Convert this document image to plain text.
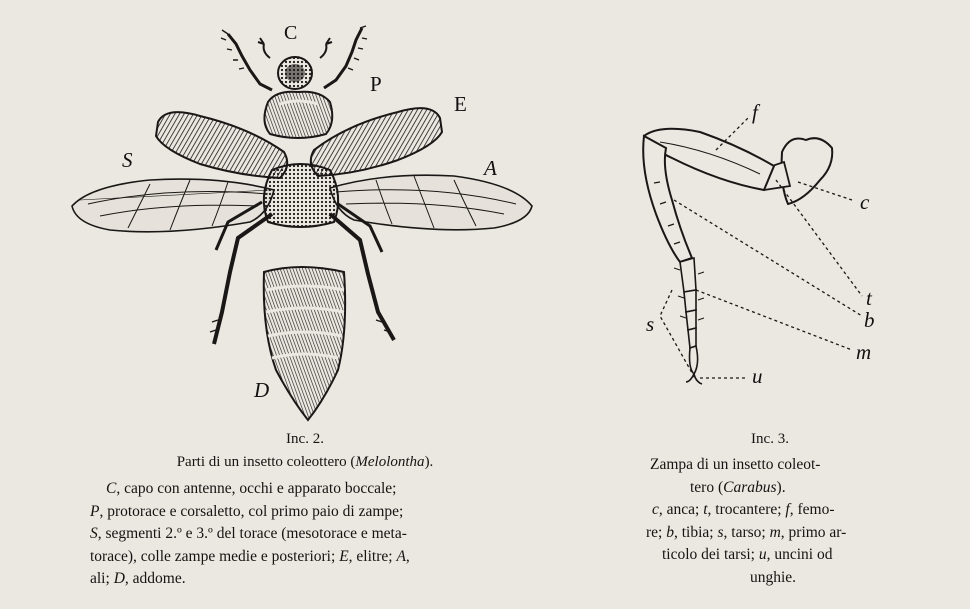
C
P
E
S	A
D
f
c
t
b
m
s
u
Inc. 2.
Parti di un insetto coleottero (Melolontha).
C, capo con antenne, occhi e apparato boccale;
P, protorace e corsaletto, col primo paio di zampe;
S, segmenti 2.º e 3.º del torace (mesotorace e meta-
torace), colle zampe medie e posteriori; E, elitre; A,
ali; D, addome.
Inc. 3.
Zampa di un insetto coleot-
tero (Carabus).
c, anca; t, trocantere; f, femo-
re; b, tibia; s, tarso; m, primo ar-
ticolo dei tarsi; u, uncini od
unghie.
